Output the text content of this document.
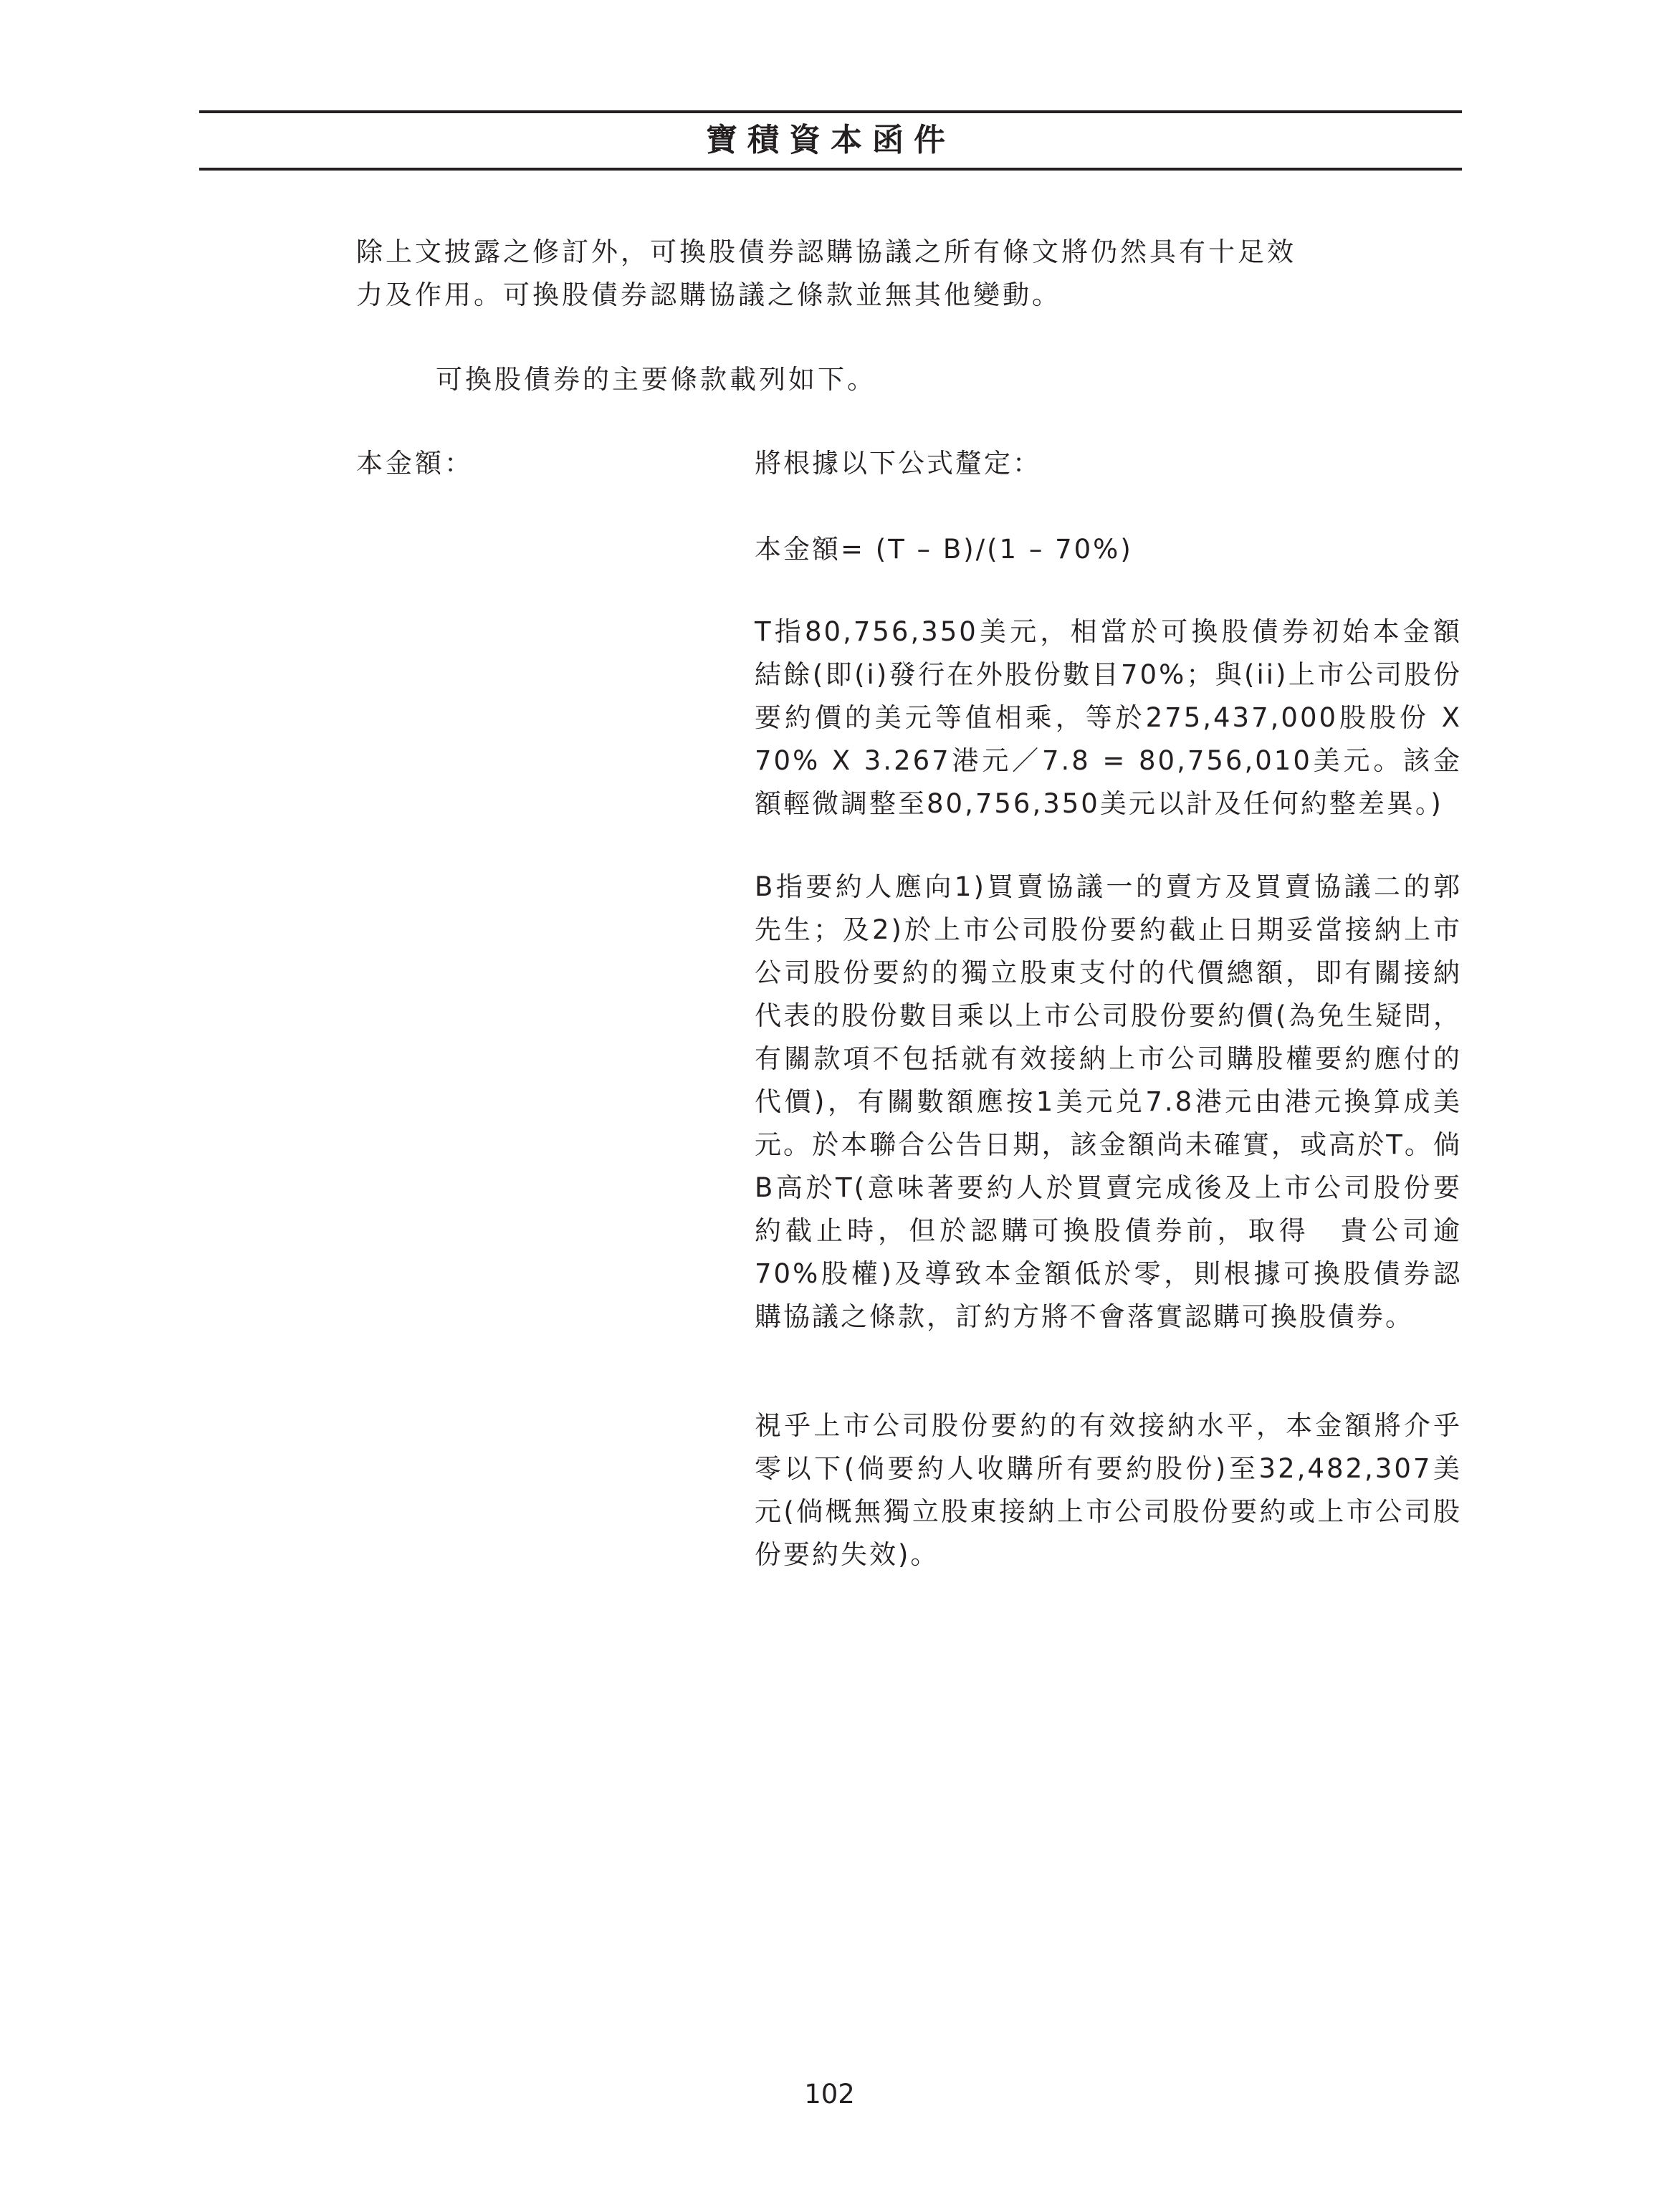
寶積資本函件

除上文披露之修訂外，可換股債券認購協議之所有條文將仍然具有十足效

力及作用。可換股債券認購協議之條款並無其他變動。

可換股債券的主要條款載列如下。

本金額：	將根據以下公式釐定：

本金額= (T – B)/(1 – 70%)

T指80,756,350美元，相當於可換股債券初始本金額結餘(即(i)發行在外股份數目70%；與(ii)上市公司股份要約價的美元等值相乘，等於275,437,000股股份 X 70% X 3.267港元／7.8 = 80,756,010美元。該金額輕微調整至80,756,350美元以計及任何約整差異。)

B指要約人應向1)買賣協議一的賣方及買賣協議二的郭先生；及2)於上市公司股份要約截止日期妥當接納上市公司股份要約的獨立股東支付的代價總額，即有關接納代表的股份數目乘以上市公司股份要約價(為免生疑問，有關款項不包括就有效接納上市公司購股權要約應付的代價)，有關數額應按1美元兑7.8港元由港元換算成美元。於本聯合公告日期，該金額尚未確實，或高於T。倘B高於T(意味著要約人於買賣完成後及上市公司股份要約截止時，但於認購可換股債券前，取得　貴公司逾70%股權)及導致本金額低於零，則根據可換股債券認購協議之條款，訂約方將不會落實認購可換股債券。

視乎上市公司股份要約的有效接納水平，本金額將介乎零以下(倘要約人收購所有要約股份)至32,482,307美元(倘概無獨立股東接納上市公司股份要約或上市公司股份要約失效)。

102
